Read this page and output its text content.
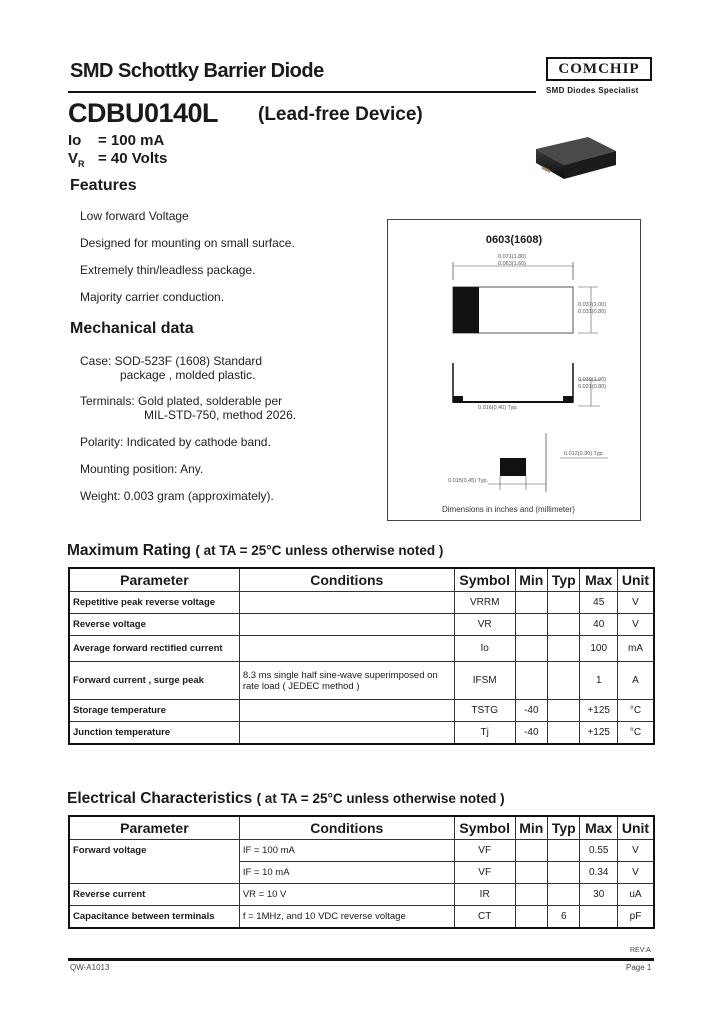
SMD Schottky Barrier Diode	COMCHIP
SMD Diodes Specialist
CDBU0140L (Lead-free Device)
Io = 100 mA
$V_R = 40$ Volts
Features
Low forward Voltage
Designed for mounting on small surface.
Extremely thin/leadless package.
Majority carrier conduction.
Mechanical data
Case: SOD-523F (1608) Standard
package , molded plastic.
Terminals: Gold plated, solderable per
MIL-STD-750, method 2026.
Polarity: Indicated by cathode band.
Mounting position: Any.
Weight: 0.003 gram (approximately).
0603(1608)
0.071(1.80)
0.063(1.60)
0.037(1.00)
0.031(0.80)
0.039(1.00)
0.031(0.80)
0.016(0.40) Typ.
0.012(0.30) Typ.
0.015(0.45) Typ.
Dimensions in inches and (millimeter)
Maximum Rating ( at TA = 25°C unless otherwise noted )
Parameter	Conditions	Symbol	Min	Typ	Max	Unit
Repetitive peak reverse voltage		VRRM			45	V
Reverse voltage		VR			40	V
Average forward rectified current		Io			100	mA
Forward current , surge peak	8.3 ms single half sine-wave superimposed on rate load ( JEDEC method )	IFSM			1	A
Storage temperature		TSTG	-40		+125	°C
Junction temperature		Tj	-40		+125	°C
Electrical Characteristics ( at TA = 25°C unless otherwise noted )
Parameter	Conditions	Symbol	Min	Typ	Max	Unit
Forward voltage	IF = 100 mA	VF			0.55	V
	IF = 10 mA	VF			0.34	V
Reverse current	VR = 10 V	IR			30	uA
Capacitance between terminals	f = 1MHz, and 10 VDC reverse voltage	CT		6		pF
REV:A
QW-A1013	Page 1
